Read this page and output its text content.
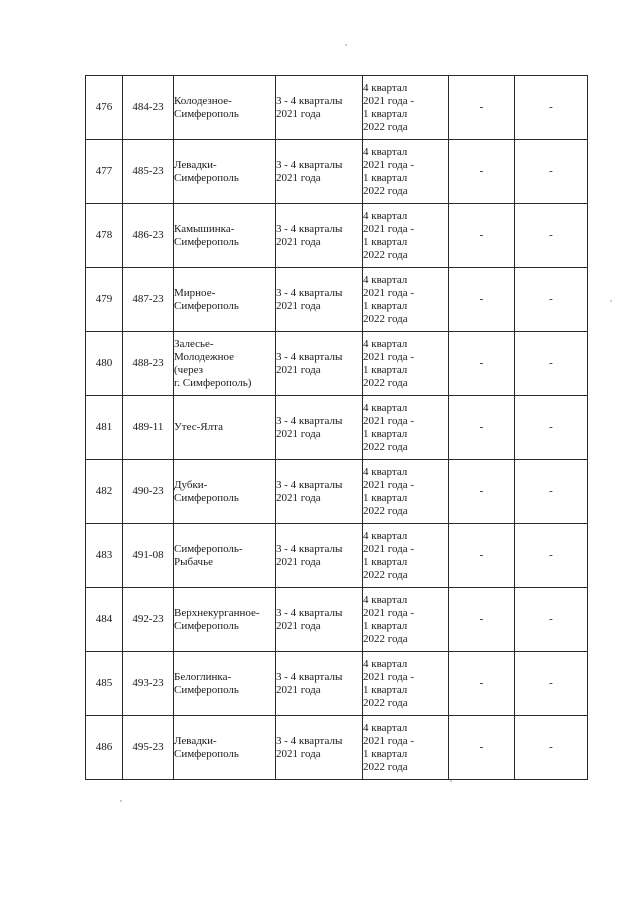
476	484-23	Колодезное-
Симферополь	3 - 4 кварталы
2021 года	4 квартал
2021 года -
1 квартал
2022 года	-	-
477	485-23	Левадки-
Симферополь	3 - 4 кварталы
2021 года	4 квартал
2021 года -
1 квартал
2022 года	-	-
478	486-23	Камышинка-
Симферополь	3 - 4 кварталы
2021 года	4 квартал
2021 года -
1 квартал
2022 года	-	-
479	487-23	Мирное-
Симферополь	3 - 4 кварталы
2021 года	4 квартал
2021 года -
1 квартал
2022 года	-	-
480	488-23	Залесье-
Молодежное
(через
г. Симферополь)	3 - 4 кварталы
2021 года	4 квартал
2021 года -
1 квартал
2022 года	-	-
481	489-11	Утес-Ялта	3 - 4 кварталы
2021 года	4 квартал
2021 года -
1 квартал
2022 года	-	-
482	490-23	Дубки-
Симферополь	3 - 4 кварталы
2021 года	4 квартал
2021 года -
1 квартал
2022 года	-	-
483	491-08	Симферополь-
Рыбачье	3 - 4 кварталы
2021 года	4 квартал
2021 года -
1 квартал
2022 года	-	-
484	492-23	Верхнекурганное-
Симферополь	3 - 4 кварталы
2021 года	4 квартал
2021 года -
1 квартал
2022 года	-	-
485	493-23	Белоглинка-
Симферополь	3 - 4 кварталы
2021 года	4 квартал
2021 года -
1 квартал
2022 года	-	-
486	495-23	Левадки-
Симферополь	3 - 4 кварталы
2021 года	4 квартал
2021 года -
1 квартал
2022 года	-	-
